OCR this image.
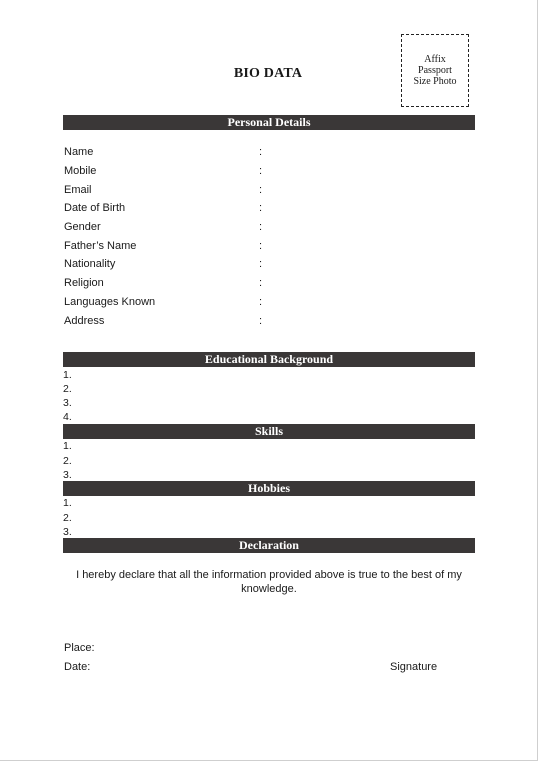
BIO DATA
Affix
Passport
Size Photo
Personal Details
Name	:
Mobile	:
Email	:
Date of Birth	:
Gender	:
Father’s Name	:
Nationality	:
Religion	:
Languages Known	:
Address	:
Educational Background
1.
2.
3.
4.
Skills
1.
2.
3.
Hobbies
1.
2.
3.
Declaration
I hereby declare that all the information provided above is true to the best of my knowledge.
Place:
Date:	Signature
